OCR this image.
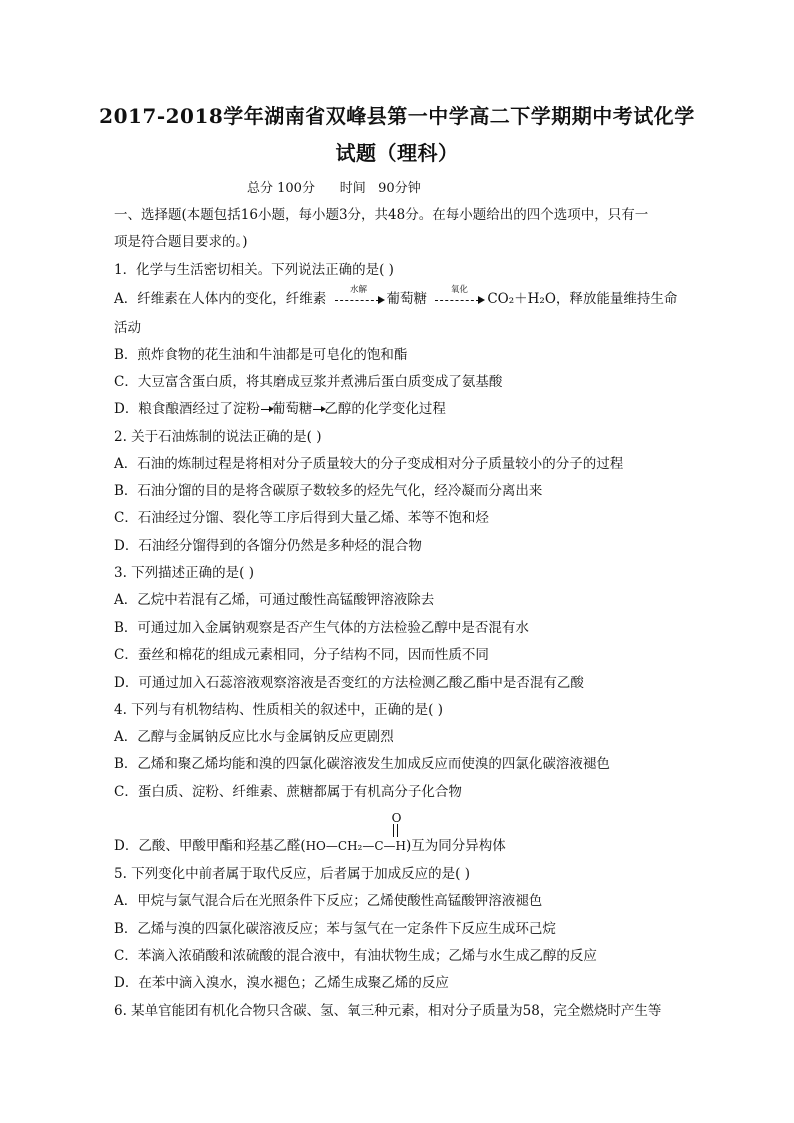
2017-2018学年湖南省双峰县第一中学高二下学期期中考试化学
试题（理科）
总分 100分 时间   90分钟
一、选择题(本题包括16小题，每小题3分，共48分。在每小题给出的四个选项中，只有一
项是符合题目要求的。)
1．化学与生活密切相关。下列说法正确的是( )
A．纤维素在人体内的变化，纤维素
水解
葡萄糖
氧化
CO₂＋H₂O，释放能量维持生命
活动
B．煎炸食物的花生油和牛油都是可皂化的饱和酯
C．大豆富含蛋白质，将其磨成豆浆并煮沸后蛋白质变成了氨基酸
D．粮食酿酒经过了淀粉 葡萄糖 乙醇的化学变化过程
2. 关于石油炼制的说法正确的是( )
A．石油的炼制过程是将相对分子质量较大的分子变成相对分子质量较小的分子的过程
B．石油分馏的目的是将含碳原子数较多的烃先气化，经冷凝而分离出来
C．石油经过分馏、裂化等工序后得到大量乙烯、苯等不饱和烃
D．石油经分馏得到的各馏分仍然是多种烃的混合物
3. 下列描述正确的是( )
A．乙烷中若混有乙烯，可通过酸性高锰酸钾溶液除去
B．可通过加入金属钠观察是否产生气体的方法检验乙醇中是否混有水
C．蚕丝和棉花的组成元素相同，分子结构不同，因而性质不同
D．可通过加入石蕊溶液观察溶液是否变红的方法检测乙酸乙酯中是否混有乙酸
4. 下列与有机物结构、性质相关的叙述中，正确的是( )
A．乙醇与金属钠反应比水与金属钠反应更剧烈
B．乙烯和聚乙烯均能和溴的四氯化碳溶液发生加成反应而使溴的四氯化碳溶液褪色
C．蛋白质、淀粉、纤维素、蔗糖都属于有机高分子化合物
D．乙酸、甲酸甲酯和羟基乙醛(
O
HO—CH₂—C—H)互为同分异构体
5. 下列变化中前者属于取代反应，后者属于加成反应的是( )
A．甲烷与氯气混合后在光照条件下反应；乙烯使酸性高锰酸钾溶液褪色
B．乙烯与溴的四氯化碳溶液反应；苯与氢气在一定条件下反应生成环己烷
C．苯滴入浓硝酸和浓硫酸的混合液中，有油状物生成；乙烯与水生成乙醇的反应
D．在苯中滴入溴水，溴水褪色；乙烯生成聚乙烯的反应
6. 某单官能团有机化合物只含碳、氢、氧三种元素，相对分子质量为58，完全燃烧时产生等
